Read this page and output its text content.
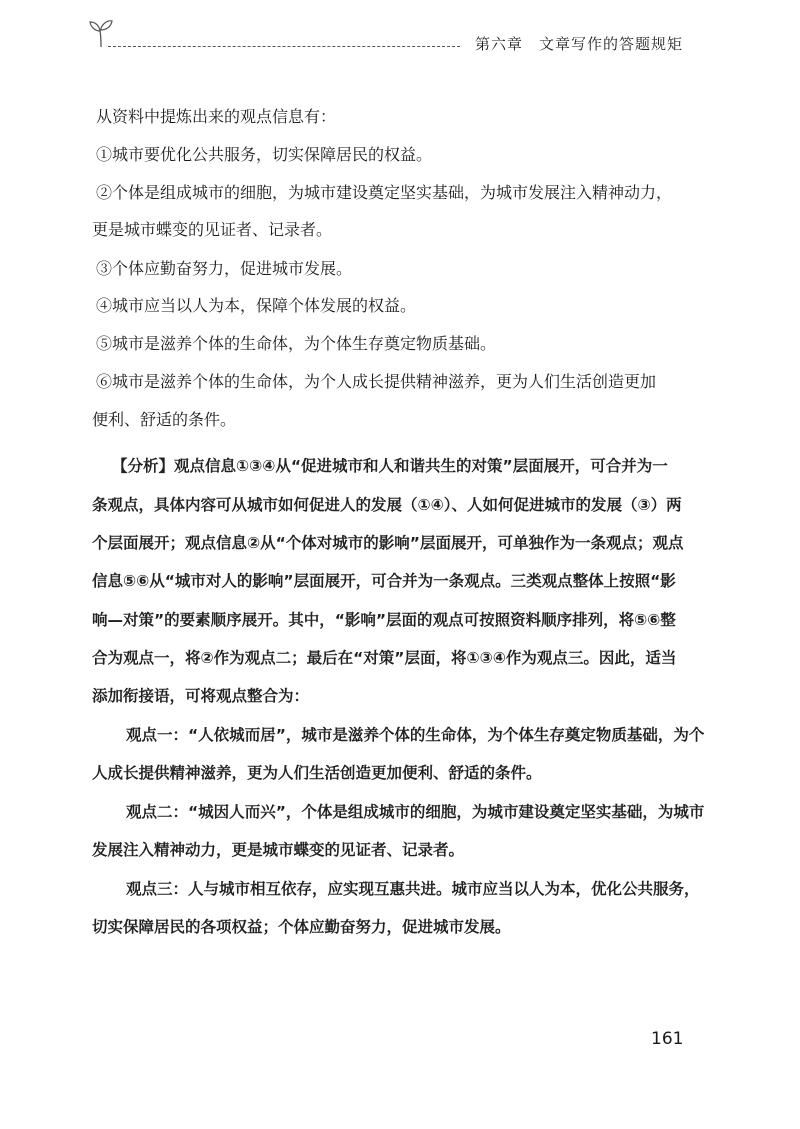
第六章 文章写作的答题规矩
从资料中提炼出来的观点信息有：
①城市要优化公共服务，切实保障居民的权益。
②个体是组成城市的细胞，为城市建设奠定坚实基础，为城市发展注入精神动力，
更是城市蝶变的见证者、记录者。
③个体应勤奋努力，促进城市发展。
④城市应当以人为本，保障个体发展的权益。
⑤城市是滋养个体的生命体，为个体生存奠定物质基础。
⑥城市是滋养个体的生命体，为个人成长提供精神滋养，更为人们生活创造更加
便利、舒适的条件。
【分析】观点信息①③④从“促进城市和人和谐共生的对策”层面展开，可合并为一
条观点，具体内容可从城市如何促进人的发展（①④）、人如何促进城市的发展（③）两
个层面展开；观点信息②从“个体对城市的影响”层面展开，可单独作为一条观点；观点
信息⑤⑥从“城市对人的影响”层面展开，可合并为一条观点。三类观点整体上按照“影
响—对策”的要素顺序展开。其中，“影响”层面的观点可按照资料顺序排列，将⑤⑥整
合为观点一，将②作为观点二；最后在“对策”层面，将①③④作为观点三。因此，适当
添加衔接语，可将观点整合为：
观点一：“人依城而居”，城市是滋养个体的生命体，为个体生存奠定物质基础，为个
人成长提供精神滋养，更为人们生活创造更加便利、舒适的条件。
观点二：“城因人而兴”，个体是组成城市的细胞，为城市建设奠定坚实基础，为城市
发展注入精神动力，更是城市蝶变的见证者、记录者。
观点三：人与城市相互依存，应实现互惠共进。城市应当以人为本，优化公共服务，
切实保障居民的各项权益；个体应勤奋努力，促进城市发展。
161
